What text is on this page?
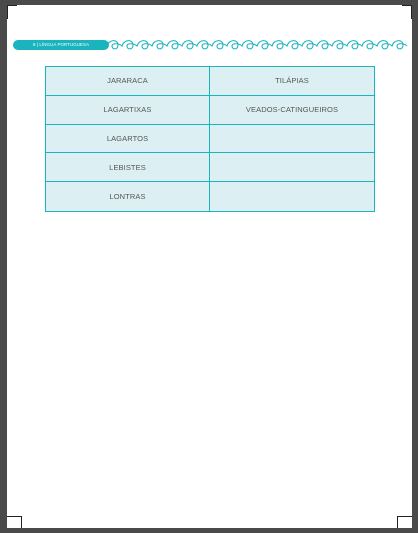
8 | LÍNGUA PORTUGUESA
JARARACA	TILÁPIAS
LAGARTIXAS	VEADOS-CATINGUEIROS
LAGARTOS
LEBISTES
LONTRAS
